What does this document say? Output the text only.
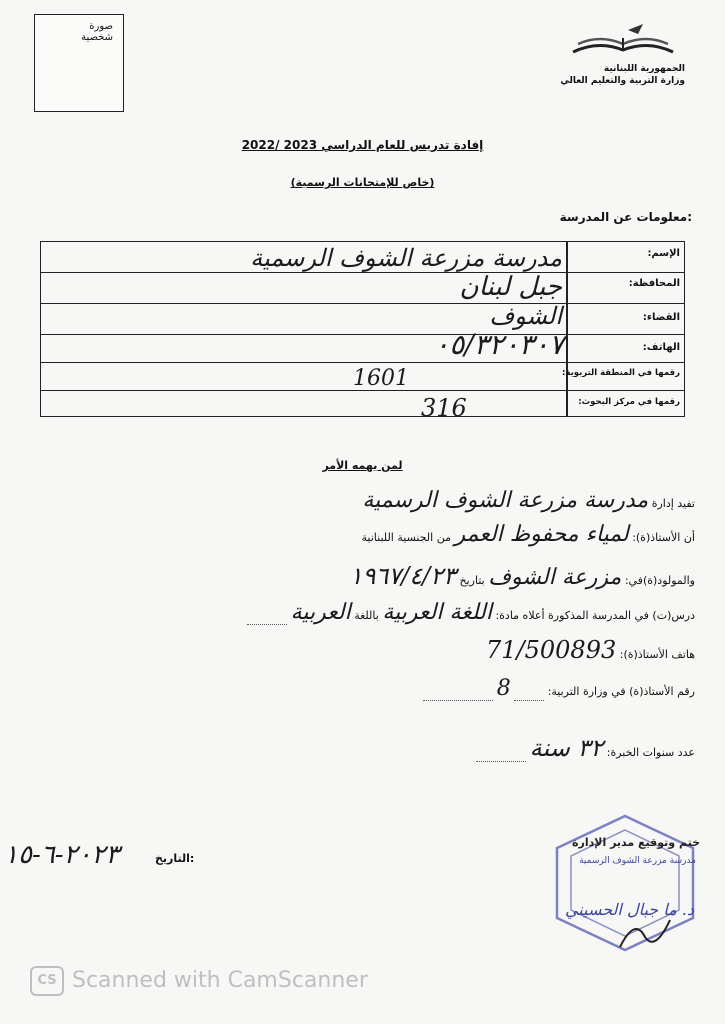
صورة
شخصية
الجمهورية اللبنانية
وزارة التربية والتعليم العالي
إفادة تدريس للعام الدراسي 2023 /2022
(خاص للإمتحانات الرسمية)
معلومات عن المدرسة:
الإسم:
المحافظة:
القضاء:
الهاتف:
رقمها في المنطقة التربوية:
رقمها في مركز البحوث:
مدرسة مزرعة الشوف الرسمية
جبل لبنان
الشوف
٠٥/٣٢٠٣٠٧
1601
316
لمن يهمه الأمر
تفيد إدارة مدرسة مزرعة الشوف الرسمية
أن الأستاذ(ة): لمياء محفوظ العمر من الجنسية اللبنانية
والمولود(ة)في: مزرعة الشوف بتاريخ ١٩٦٧/٤/٢٣
درس(ت) في المدرسة المذكورة أعلاه مادة: اللغة العربية باللغة العربية
هاتف الأستاذ(ة): 71/500893
رقم الأستاذ(ة) في وزارة التربية:  8
عدد سنوات الخبرة: ٣٢ سنة
التاريخ:
٢٠٢٣-٦-١٥	ختم وتوقيع مدير الإدارة
مدرسة مزرعة الشوف الرسمية
د. ما جبال الحسيني
CS Scanned with CamScanner
